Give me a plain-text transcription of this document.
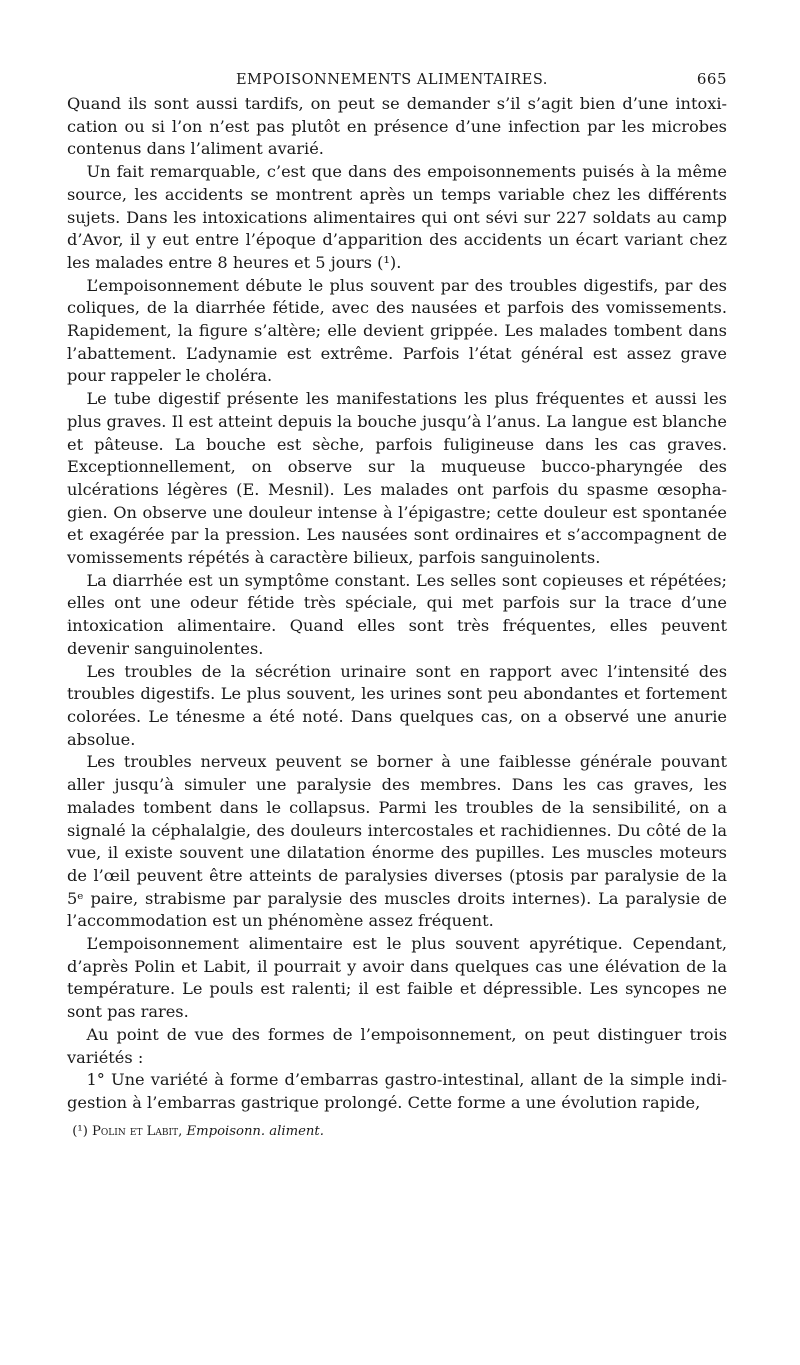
EMPOISONNEMENTS ALIMENTAIRES.	665

Quand ils sont aussi tardifs, on peut se demander s’il s’agit bien d’une intoxication ou si l’on n’est pas plutôt en présence d’une infection par les microbes contenus dans l’aliment avarié.

Un fait remarquable, c’est que dans des empoisonnements puisés à la même source, les accidents se montrent après un temps variable chez les différents sujets. Dans les intoxications alimentaires qui ont sévi sur 227 soldats au camp d’Avor, il y eut entre l’époque d’apparition des accidents un écart variant chez les malades entre 8 heures et 5 jours (¹).

L’empoisonnement débute le plus souvent par des troubles digestifs, par des coliques, de la diarrhée fétide, avec des nausées et parfois des vomissements. Rapidement, la figure s’altère; elle devient grippée. Les malades tombent dans l’abattement. L’adynamie est extrême. Parfois l’état général est assez grave pour rappeler le choléra.

Le tube digestif présente les manifestations les plus fréquentes et aussi les plus graves. Il est atteint depuis la bouche jusqu’à l’anus. La langue est blanche et pâteuse. La bouche est sèche, parfois fuligineuse dans les cas graves. Exceptionnellement, on observe sur la muqueuse bucco-pharyngée des ulcérations légères (E. Mesnil). Les malades ont parfois du spasme œsophagien. On observe une douleur intense à l’épigastre; cette douleur est spontanée et exagérée par la pression. Les nausées sont ordinaires et s’accompagnent de vomissements répétés à caractère bilieux, parfois sanguinolents.

La diarrhée est un symptôme constant. Les selles sont copieuses et répétées; elles ont une odeur fétide très spéciale, qui met parfois sur la trace d’une intoxication alimentaire. Quand elles sont très fréquentes, elles peuvent devenir sanguinolentes.

Les troubles de la sécrétion urinaire sont en rapport avec l’intensité des troubles digestifs. Le plus souvent, les urines sont peu abondantes et fortement colorées. Le ténesme a été noté. Dans quelques cas, on a observé une anurie absolue.

Les troubles nerveux peuvent se borner à une faiblesse générale pouvant aller jusqu’à simuler une paralysie des membres. Dans les cas graves, les malades tombent dans le collapsus. Parmi les troubles de la sensibilité, on a signalé la céphalalgie, des douleurs intercostales et rachidiennes. Du côté de la vue, il existe souvent une dilatation énorme des pupilles. Les muscles moteurs de l’œil peuvent être atteints de paralysies diverses (ptosis par paralysie de la 5ᵉ paire, strabisme par paralysie des muscles droits internes). La paralysie de l’accommodation est un phénomène assez fréquent.

L’empoisonnement alimentaire est le plus souvent apyrétique. Cependant, d’après Polin et Labit, il pourrait y avoir dans quelques cas une élévation de la température. Le pouls est ralenti; il est faible et dépressible. Les syncopes ne sont pas rares.

Au point de vue des formes de l’empoisonnement, on peut distinguer trois variétés :

1° Une variété à forme d’embarras gastro-intestinal, allant de la simple indigestion à l’embarras gastrique prolongé. Cette forme a une évolution rapide,

(¹) Polin et Labit, Empoisonn. aliment.
